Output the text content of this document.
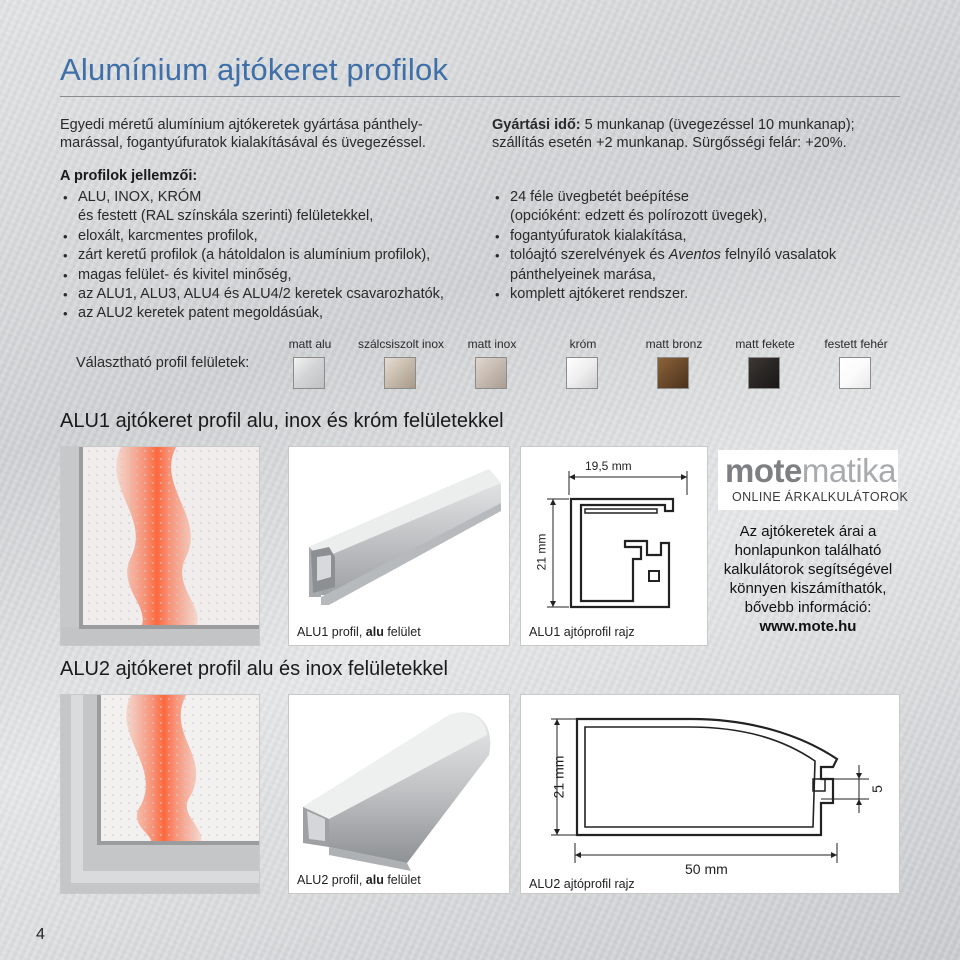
Alumínium ajtókeret profilok
Egyedi méretű alumínium ajtókeretek gyártása pánthely-
marással, fogantyúfuratok kialakításával és üvegezéssel.
Gyártási idő: 5 munkanap (üvegezéssel 10 munkanap);
szállítás esetén +2 munkanap. Sürgősségi felár: +20%.
A profilok jellemzői:
• ALU, INOX, KRÓM
és festett (RAL színskála szerinti) felületekkel,
• eloxált, karcmentes profilok,
• zárt keretű profilok (a hátoldalon is alumínium profilok),
• magas felület- és kivitel minőség,
• az ALU1, ALU3, ALU4 és ALU4/2 keretek csavarozhatók,
• az ALU2 keretek patent megoldásúak,
• 24 féle üvegbetét beépítése
(opcióként: edzett és polírozott üvegek),
• fogantyúfuratok kialakítása,
• tolóajtó szerelvények és Aventos felnyíló vasalatok
pánthelyeinek marása,
• komplett ajtókeret rendszer.
Választható profil felületek:
matt alu	szálcsiszolt inox	matt inox	króm	matt bronz	matt fekete	festett fehér
ALU1 ajtókeret profil alu, inox és króm felületekkel
ALU1 profil, alu felület
19,5 mm
21 mm
ALU1 ajtóprofil rajz
motematika
ONLINE ÁRKALKULÁTOROK
Az ajtókeretek árai a
honlapunkon található
kalkulátorok segítségével
könnyen kiszámíthatók,
bővebb információ:
www.mote.hu
ALU2 ajtókeret profil alu és inox felületekkel
ALU2 profil, alu felület
21 mm
50 mm
5
ALU2 ajtóprofil rajz
4
